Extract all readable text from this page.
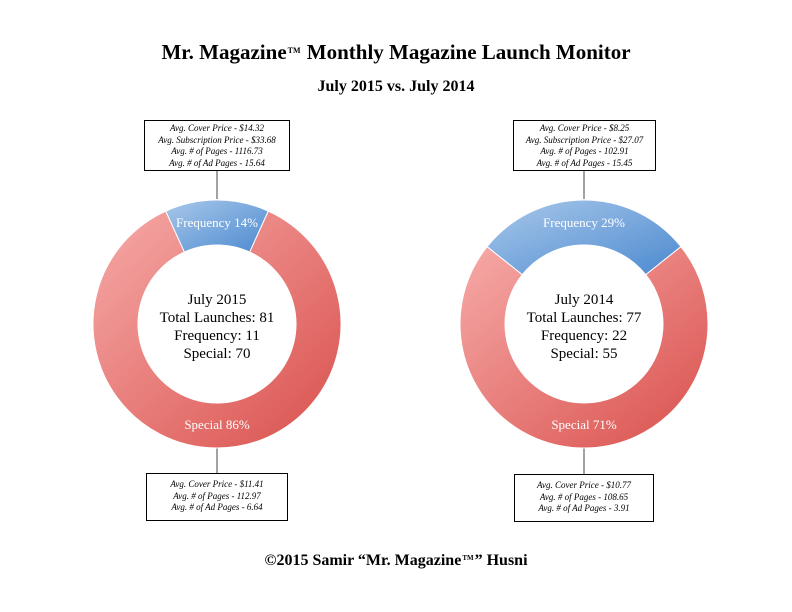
Mr. Magazine™ Monthly Magazine Launch Monitor
July 2015 vs. July 2014
Frequency 14%
Special 86%
Frequency 29%
Special 71%
Avg. Cover Price - $14.32
Avg. Subscription Price - $33.68
Avg. # of Pages - 1116.73
Avg. # of Ad Pages - 15.64
Avg. Cover Price - $11.41
Avg. # of Pages - 112.97
Avg. # of Ad Pages - 6.64
Avg. Cover Price - $8.25
Avg. Subscription Price - $27.07
Avg. # of Pages - 102.91
Avg. # of Ad Pages - 15.45
Avg. Cover Price - $10.77
Avg. # of Pages - 108.65
Avg. # of Ad Pages - 3.91
July 2015
Total Launches: 81
Frequency: 11
Special: 70
July 2014
Total Launches: 77
Frequency: 22
Special: 55
©2015 Samir “Mr. Magazine™” Husni
